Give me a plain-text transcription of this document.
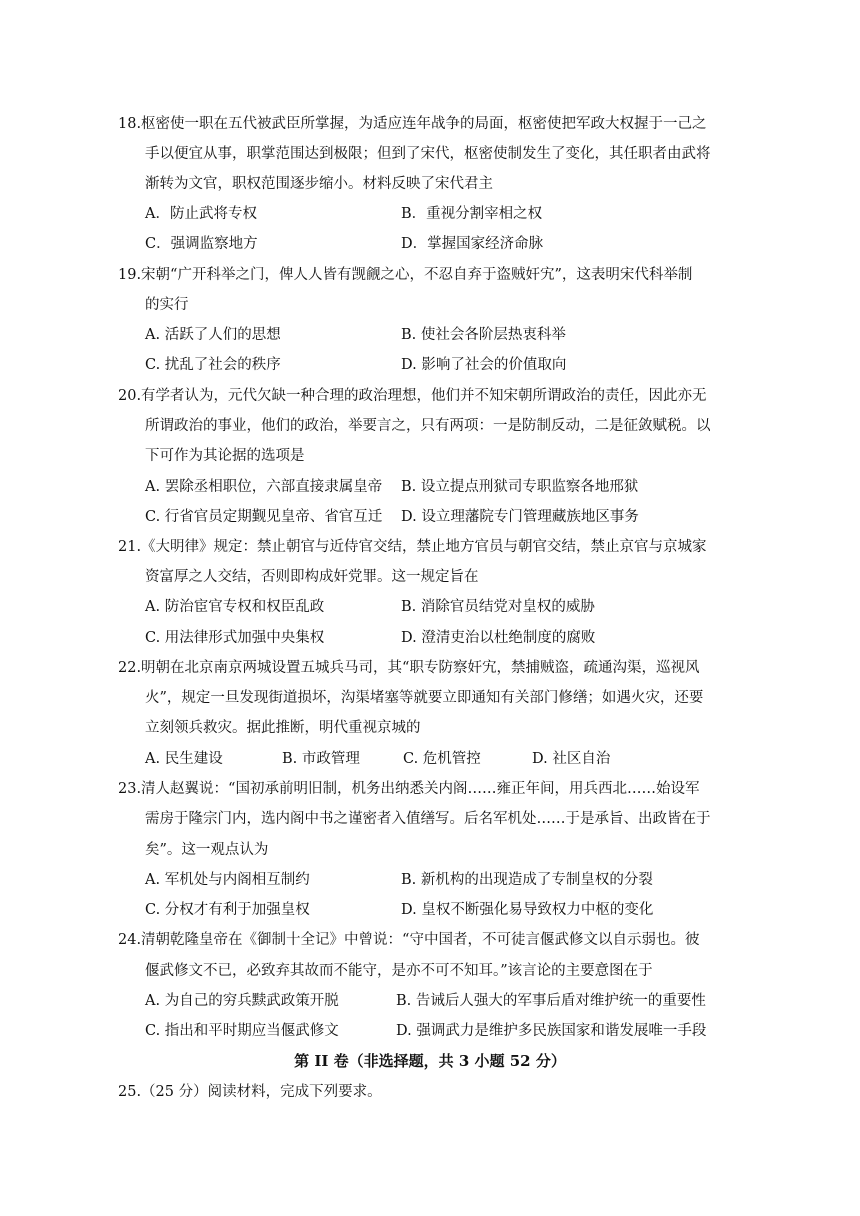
18.枢密使一职在五代被武臣所掌握，为适应连年战争的局面，枢密使把军政大权握于一己之
手以便宜从事，职掌范围达到极限；但到了宋代，枢密使制发生了变化，其任职者由武将
渐转为文官，职权范围逐步缩小。材料反映了宋代君主
A．防止武将专权	B．重视分割宰相之权
C．强调监察地方	D．掌握国家经济命脉
19.宋朝“广开科举之门，俾人人皆有觊觎之心，不忍自弃于盗贼奸宄”，这表明宋代科举制
的实行
A. 活跃了人们的思想	B. 使社会各阶层热衷科举
C. 扰乱了社会的秩序	D. 影响了社会的价值取向
20.有学者认为，元代欠缺一种合理的政治理想，他们并不知宋朝所谓政治的责任，因此亦无
所谓政治的事业，他们的政治，举要言之，只有两项：一是防制反动，二是征敛赋税。以
下可作为其论据的选项是
A. 罢除丞相职位，六部直接隶属皇帝 B. 设立提点刑狱司专职监察各地邢狱
C. 行省官员定期觐见皇帝、省官互迁 D. 设立理藩院专门管理藏族地区事务
21.《大明律》规定：禁止朝官与近侍官交结，禁止地方官员与朝官交结，禁止京官与京城家
资富厚之人交结，否则即构成奸党罪。这一规定旨在
A. 防治宦官专权和权臣乱政	B. 消除官员结党对皇权的威胁
C. 用法律形式加强中央集权	D. 澄清吏治以杜绝制度的腐败
22.明朝在北京南京两城设置五城兵马司，其“职专防察奸宄，禁捕贼盗，疏通沟渠，巡视风
火”，规定一旦发现街道损坏，沟渠堵塞等就要立即通知有关部门修缮；如遇火灾，还要
立刻领兵救灾。据此推断，明代重视京城的
A. 民生建设	B. 市政管理	C. 危机管控	D. 社区自治
23.清人赵翼说：“国初承前明旧制，机务出纳悉关内阁……雍正年间，用兵西北……始设军
需房于隆宗门内，选内阁中书之谨密者入值缮写。后名军机处……于是承旨、出政皆在于
矣”。这一观点认为
A. 军机处与内阁相互制约	B. 新机构的出现造成了专制皇权的分裂
C. 分权才有利于加强皇权	D. 皇权不断强化易导致权力中枢的变化
24.清朝乾隆皇帝在《御制十全记》中曾说：“守中国者，不可徒言偃武修文以自示弱也。彼
偃武修文不已，必致弃其故而不能守，是亦不可不知耳。”该言论的主要意图在于
A. 为自己的穷兵黩武政策开脱	B. 告诫后人强大的军事后盾对维护统一的重要性
C. 指出和平时期应当偃武修文	D. 强调武力是维护多民族国家和谐发展唯一手段
第 II 卷（非选择题，共 3 小题 52 分）
25.（25 分）阅读材料，完成下列要求。
